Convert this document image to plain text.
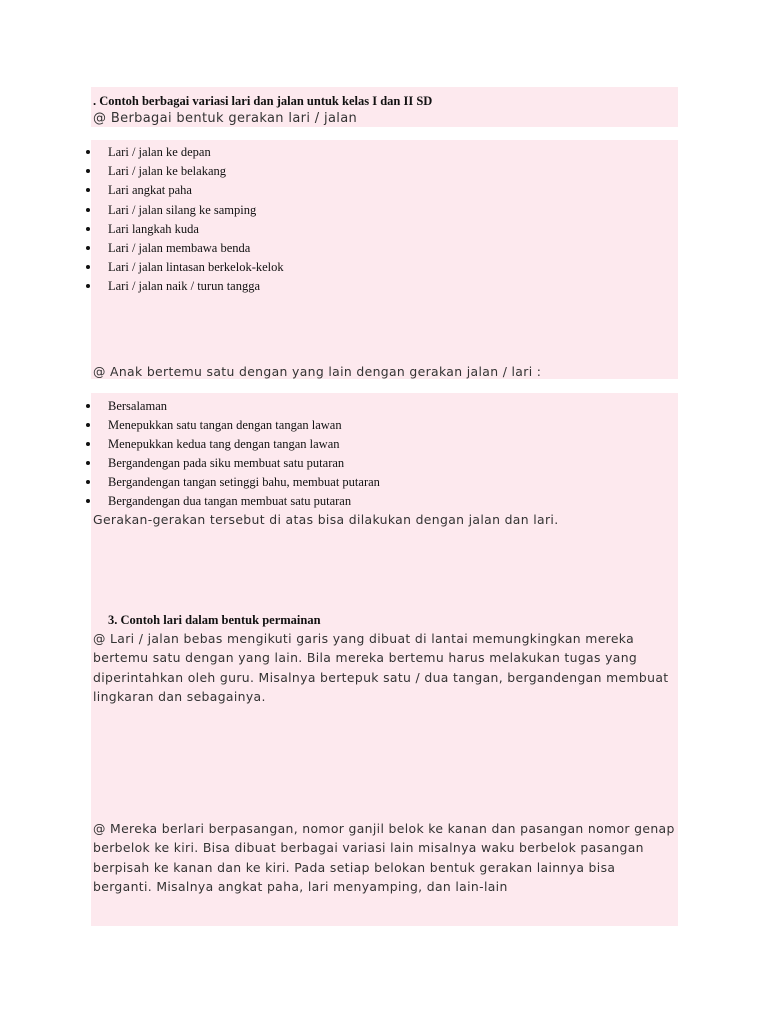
. Contoh berbagai variasi lari dan jalan untuk kelas I dan II SD
@ Berbagai bentuk gerakan lari / jalan
Lari / jalan ke depan
Lari / jalan ke belakang
Lari angkat paha
Lari / jalan silang ke samping
Lari langkah kuda
Lari / jalan membawa benda
Lari / jalan lintasan berkelok-kelok
Lari / jalan naik / turun tangga
@ Anak bertemu satu dengan yang lain dengan gerakan jalan / lari :
Bersalaman
Menepukkan satu tangan dengan tangan lawan
Menepukkan kedua tang dengan tangan lawan
Bergandengan pada siku membuat satu putaran
Bergandengan tangan setinggi bahu, membuat putaran
Bergandengan dua tangan membuat satu putaran
Gerakan-gerakan tersebut di atas bisa dilakukan dengan jalan dan lari.
3. Contoh lari dalam bentuk permainan
@ Lari / jalan bebas mengikuti garis yang dibuat di lantai memungkingkan mereka
bertemu satu dengan yang lain. Bila mereka bertemu harus melakukan tugas yang
diperintahkan oleh guru. Misalnya bertepuk satu / dua tangan, bergandengan membuat
lingkaran dan sebagainya.
@ Mereka berlari berpasangan, nomor ganjil belok ke kanan dan pasangan nomor genap
berbelok ke kiri. Bisa dibuat berbagai variasi lain misalnya waku berbelok pasangan
berpisah ke kanan dan ke kiri. Pada setiap belokan bentuk gerakan lainnya bisa
berganti. Misalnya angkat paha, lari menyamping, dan lain-lain
